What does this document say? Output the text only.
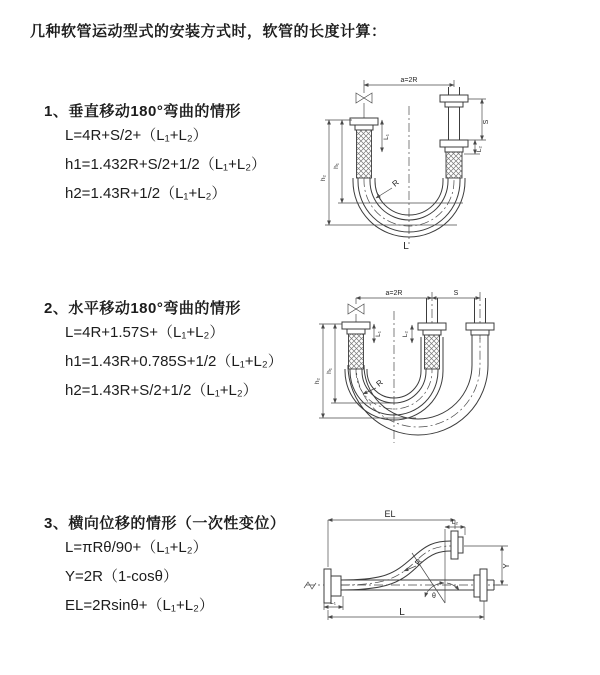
几种软管运动型式的安装方式时，软管的长度计算：
1、垂直移动180°弯曲的情形
L=4R+S/2+（L₁+L₂）
h1=1.432R+S/2+1/2（L₁+L₂）
h2=1.43R+1/2（L₁+L₂）
2、水平移动180°弯曲的情形
L=4R+1.57S+（L₁+L₂）
h1=1.43R+0.785S+1/2（L₁+L₂）
h2=1.43R+S/2+1/2（L₁+L₂）
3、横向位移的情形（一次性变位）
L=πRθ/90+（L₁+L₂）
Y=2R（1-cosθ）
EL=2Rsinθ+（L₁+L₂）
a=2R
S
L₂
h₁
h₂
L₁
R
L
a=2R	S
h₁
h₂
L₁	L₂
R
θ
R
EL
L₂
Y
L₁
L
